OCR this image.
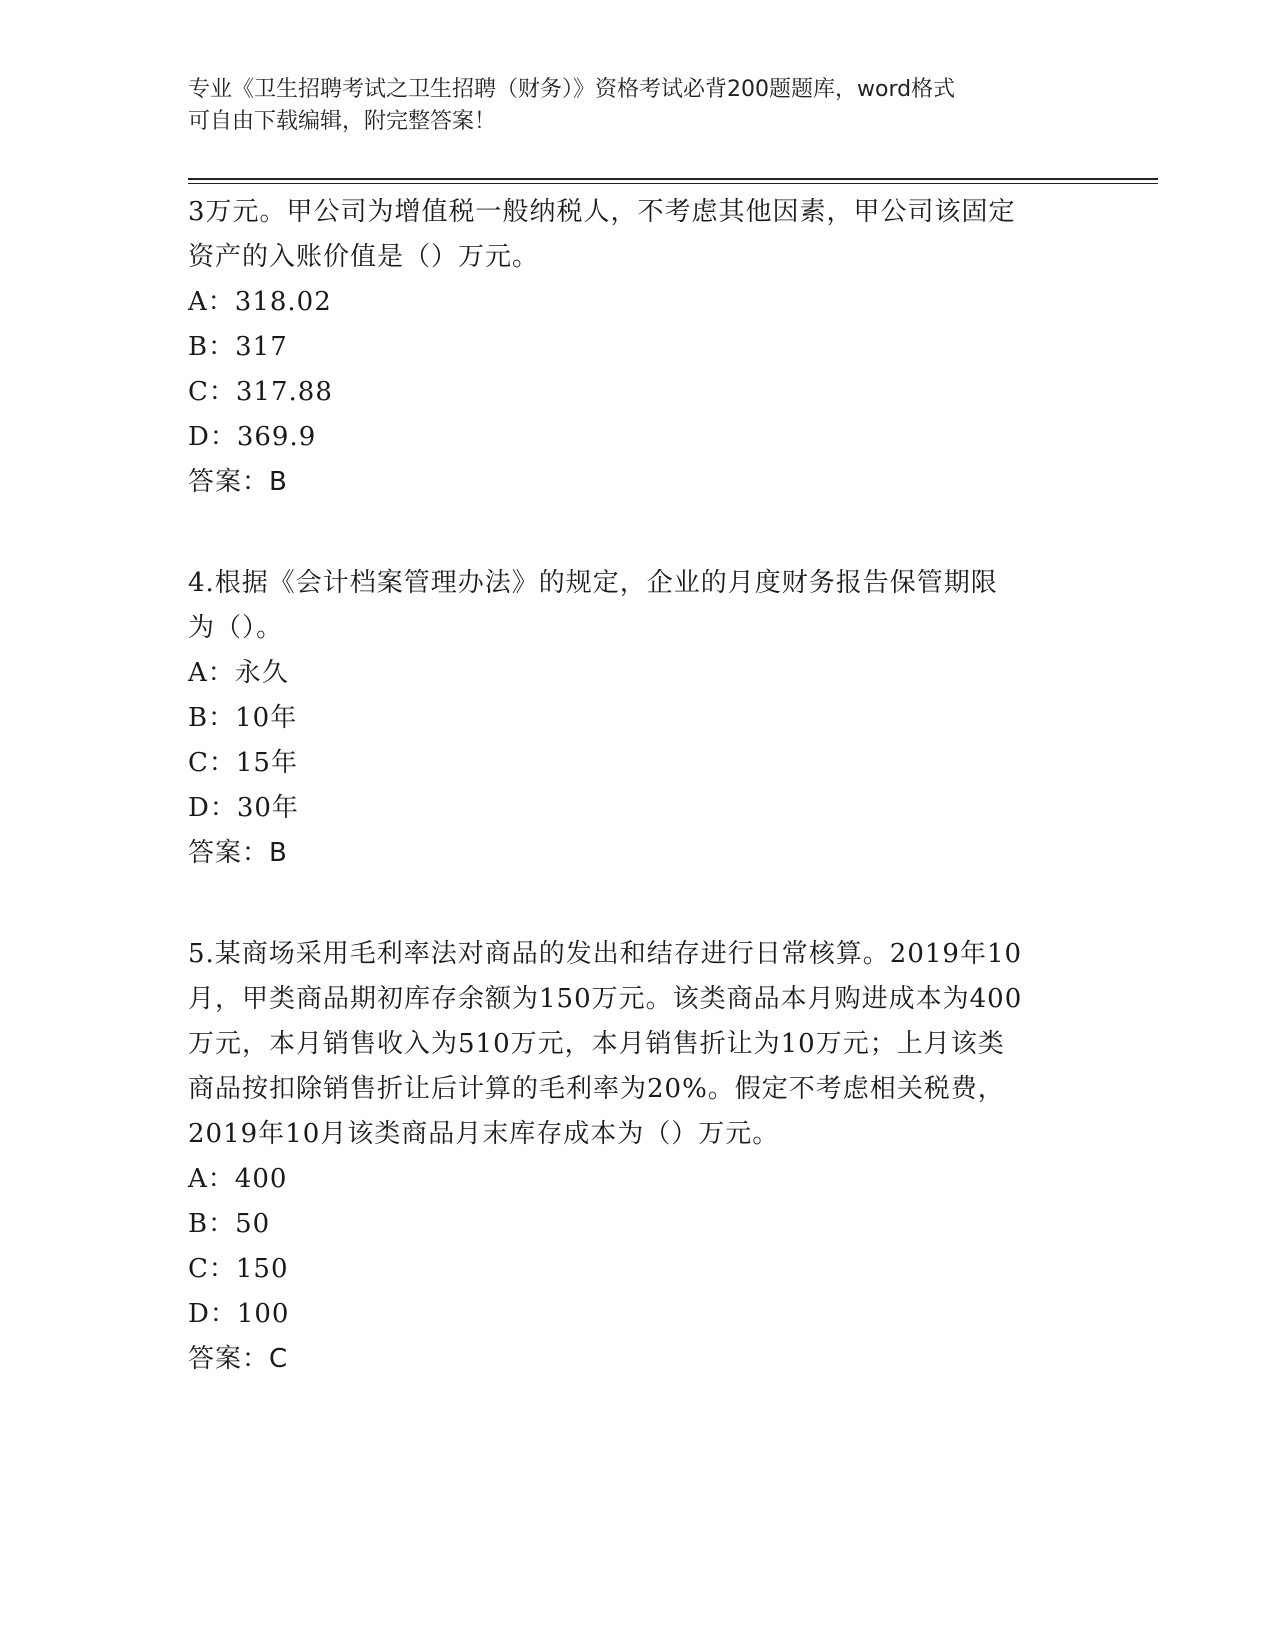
专业《卫生招聘考试之卫生招聘（财务）》资格考试必背200题题库，word格式
可自由下载编辑，附完整答案！
3万元。甲公司为增值税一般纳税人，不考虑其他因素，甲公司该固定
资产的入账价值是（）万元。
A：318.02
B：317
C：317.88
D：369.9
答案：B
4.根据《会计档案管理办法》的规定，企业的月度财务报告保管期限
为（）。
A：永久
B：10年
C：15年
D：30年
答案：B
5.某商场采用毛利率法对商品的发出和结存进行日常核算。2019年10
月，甲类商品期初库存余额为150万元。该类商品本月购进成本为400
万元，本月销售收入为510万元，本月销售折让为10万元；上月该类
商品按扣除销售折让后计算的毛利率为20%。假定不考虑相关税费，
2019年10月该类商品月末库存成本为（）万元。
A：400
B：50
C：150
D：100
答案：C
